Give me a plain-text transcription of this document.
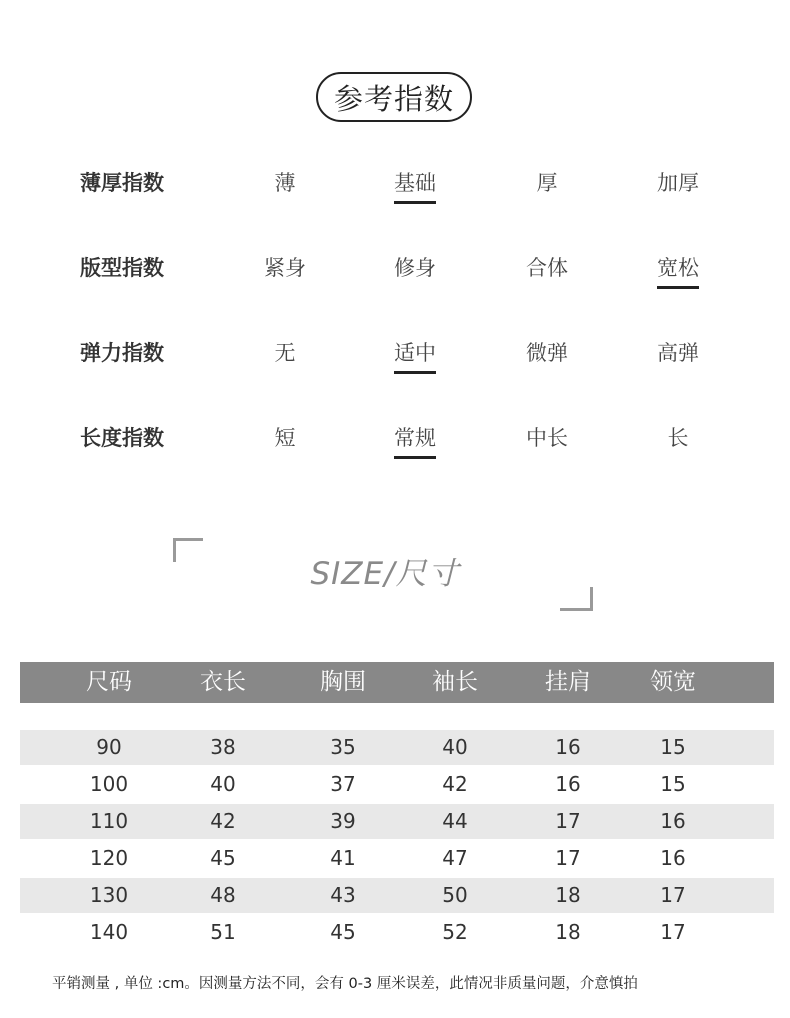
参考指数
薄厚指数	薄	基础	厚	加厚
版型指数	紧身	修身	合体	宽松
弹力指数	无	适中	微弹	高弹
长度指数	短	常规	中长	长
SIZE/尺寸
尺码	衣长	胸围	袖长	挂肩	领宽
90	38	35	40	16	15
100	40	37	42	16	15
110	42	39	44	17	16
120	45	41	47	17	16
130	48	43	50	18	17
140	51	45	52	18	17
平销测量 , 单位 :cm。因测量方法不同，会有 0-3 厘米误差，此情况非质量问题，介意慎拍
